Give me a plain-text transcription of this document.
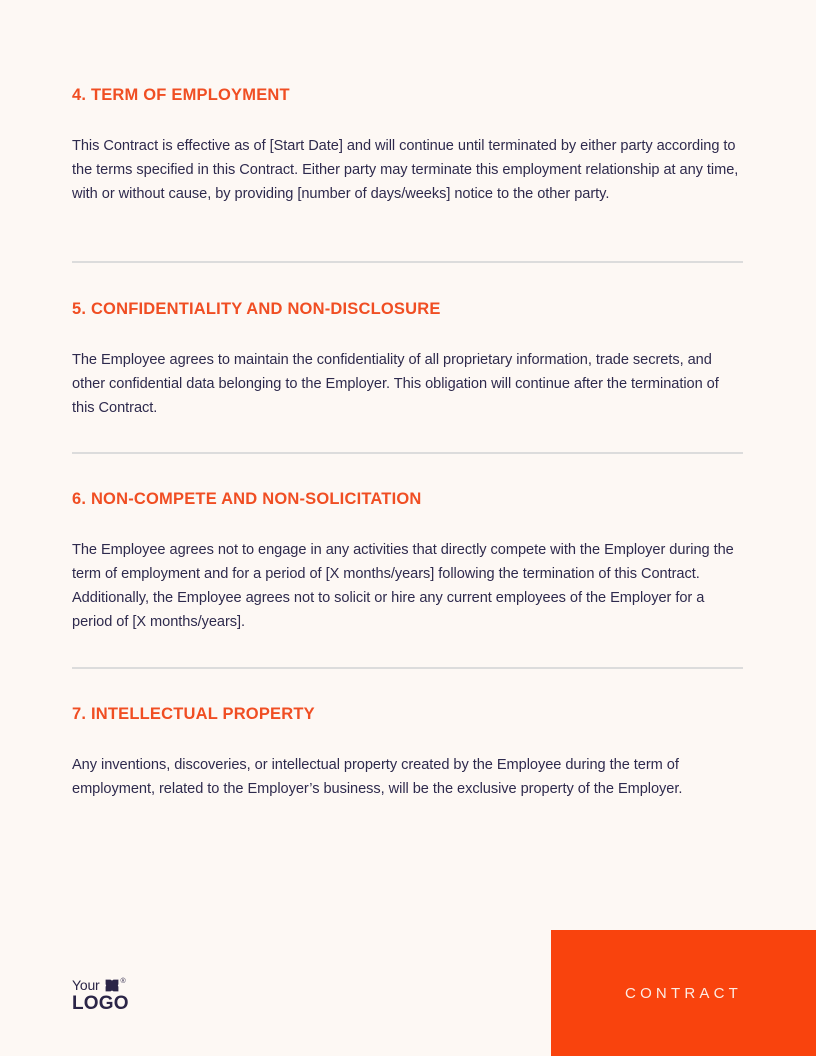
4. TERM OF EMPLOYMENT

This Contract is effective as of [Start Date] and will continue until terminated by either party according to the terms specified in this Contract. Either party may terminate this employment relationship at any time, with or without cause, by providing [number of days/weeks] notice to the other party.

5. CONFIDENTIALITY AND NON-DISCLOSURE

The Employee agrees to maintain the confidentiality of all proprietary information, trade secrets, and other confidential data belonging to the Employer. This obligation will continue after the termination of this Contract.

6. NON-COMPETE AND NON-SOLICITATION

The Employee agrees not to engage in any activities that directly compete with the Employer during the term of employment and for a period of [X months/years] following the termination of this Contract. Additionally, the Employee agrees not to solicit or hire any current employees of the Employer for a period of [X months/years].

7. INTELLECTUAL PROPERTY

Any inventions, discoveries, or intellectual property created by the Employee during the term of employment, related to the Employer’s business, will be the exclusive property of the Employer.

CONTRACT
Your	®
LOGO
